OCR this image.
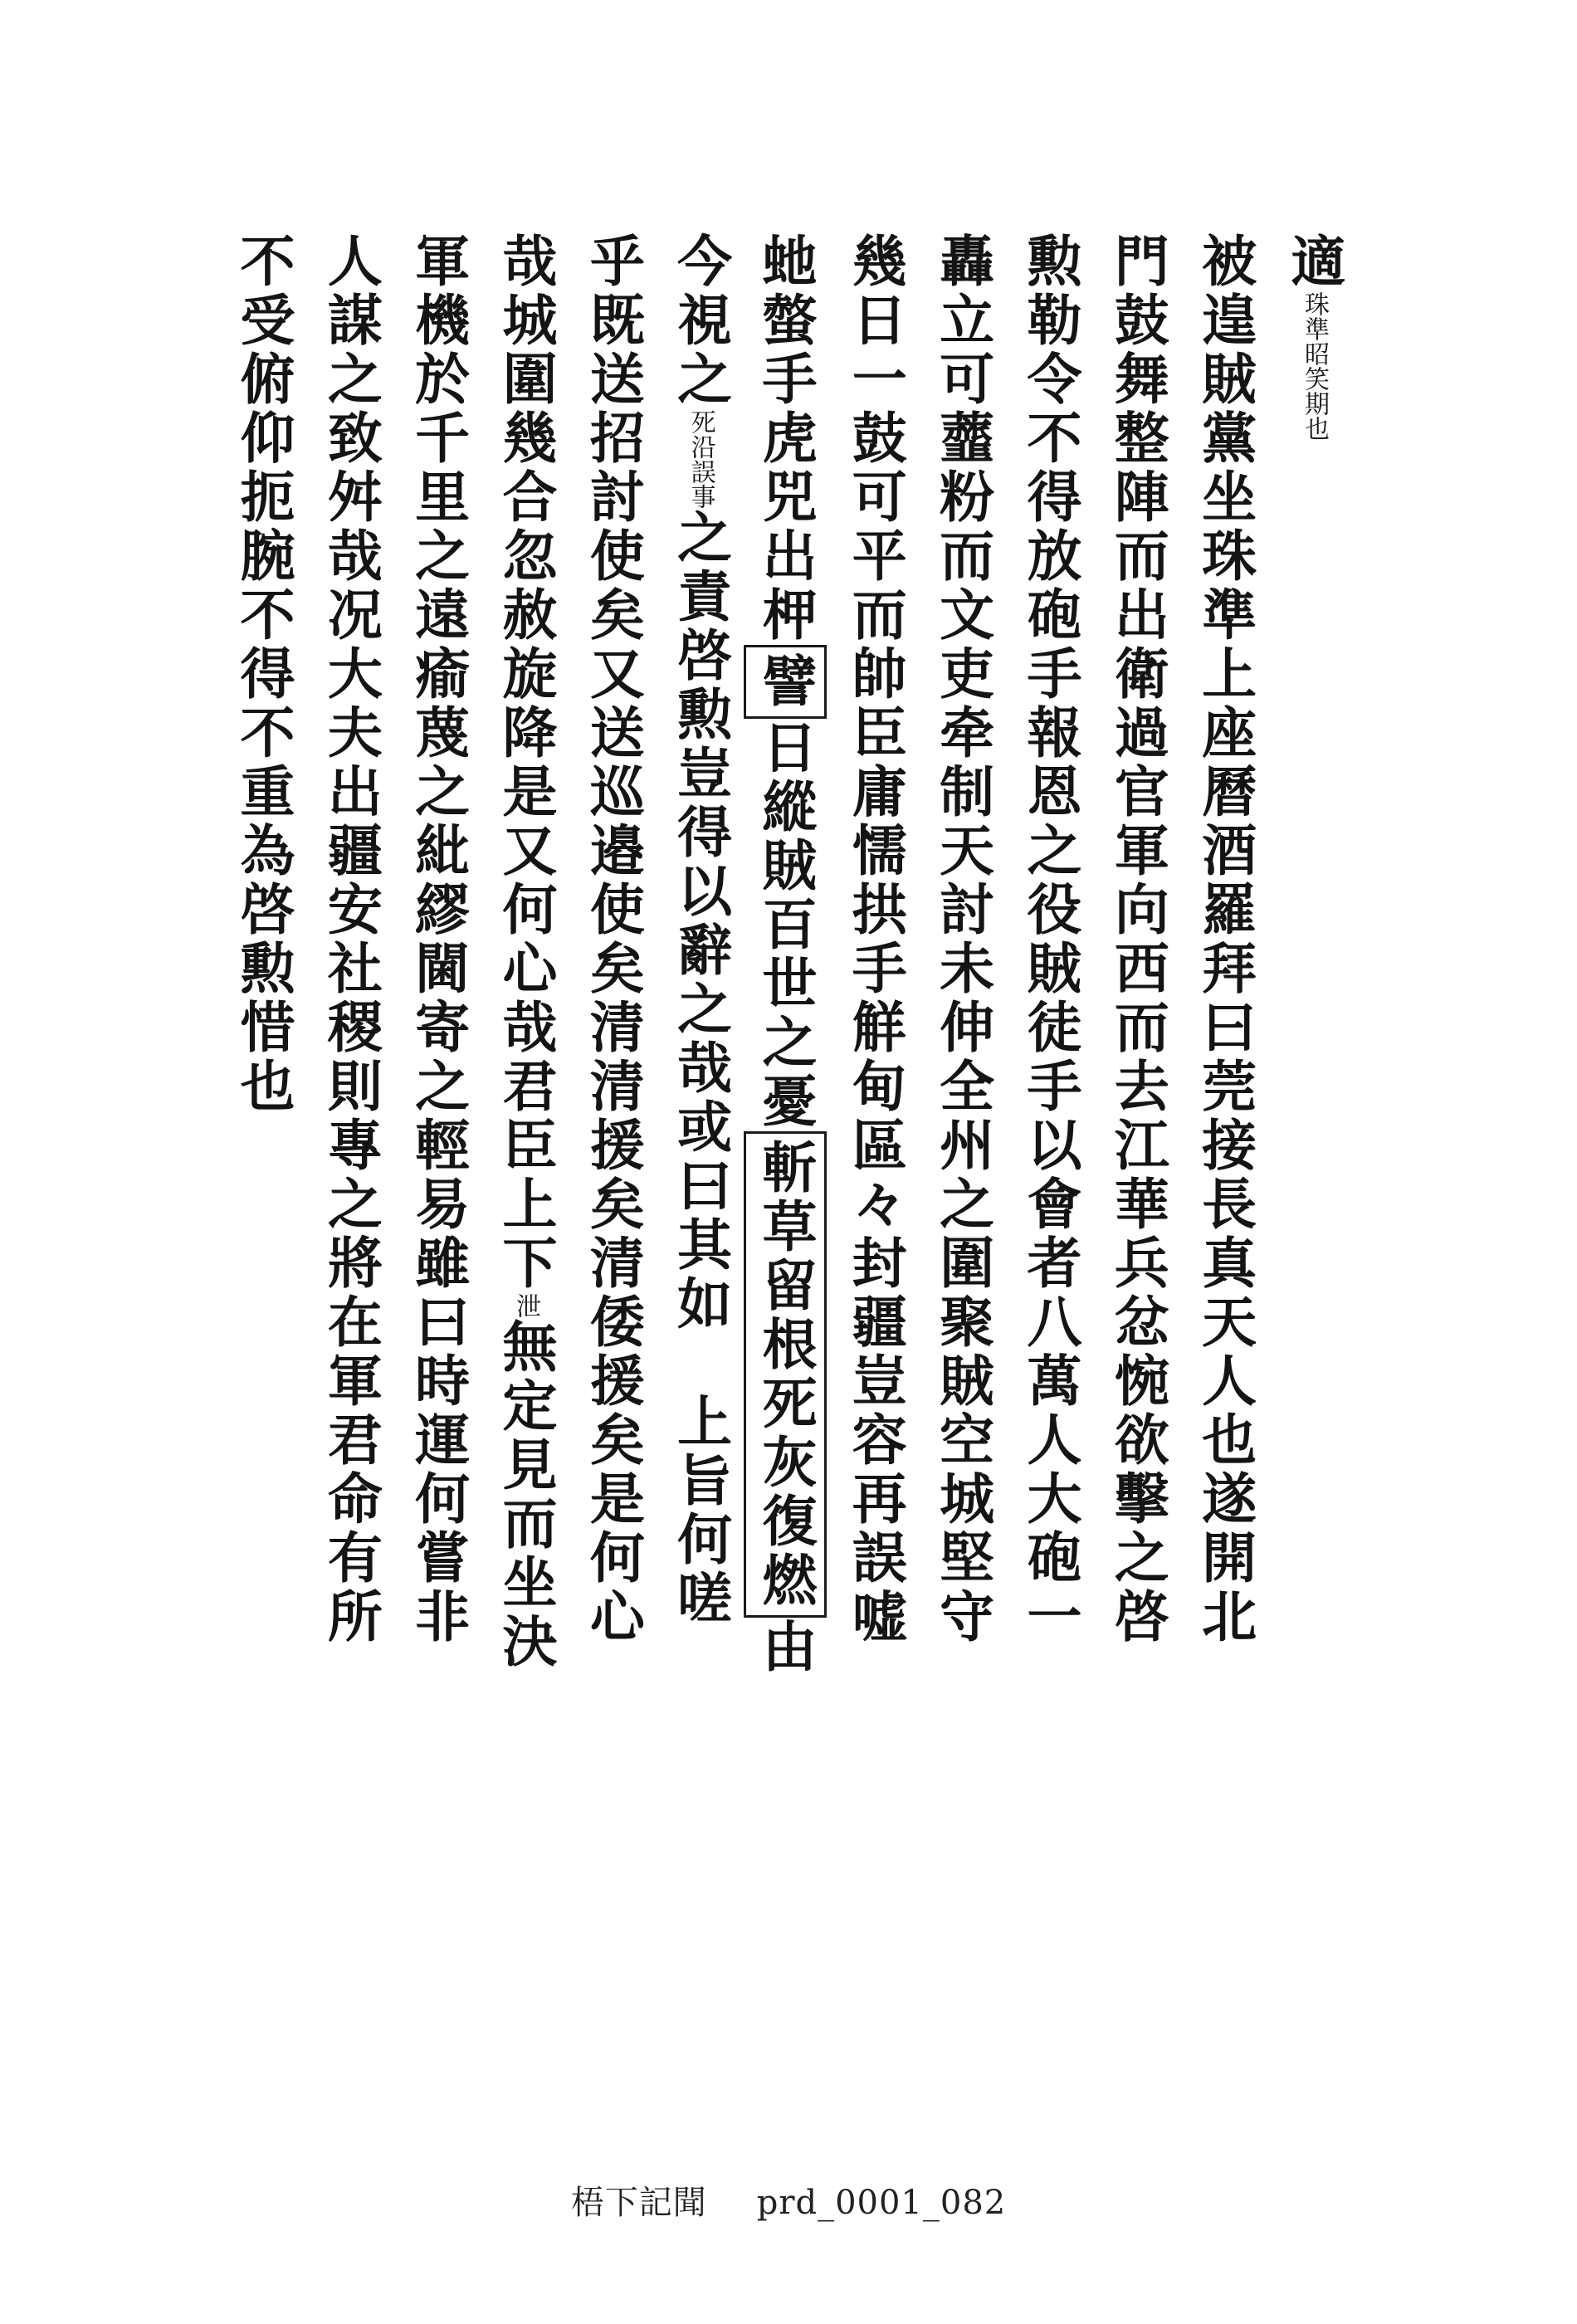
適珠準昭笑期也
被遑賊黨坐珠準上座曆酒羅拜曰莞接長真天人也遂開北
門鼓舞整陣而出衛過官軍向西而去江華兵忿惋欲擊之啓
勲勒令不得放砲手報恩之役賊徒手以會者八萬人大砲一
轟立可虀粉而文吏牵制天討未伸全州之圍聚賊空城堅守
幾日一鼓可平而帥臣庸懦拱手觧甸區々封疆豈容再誤嘘
虵螫手虎兕出柙譬日縱賊百世之憂斬草留根死灰復燃由
今視之死沿誤事之責啓勲豈得以辭之哉或曰其如　上旨何嗟
乎既送招討使矣又送巡邉使矣清清援矣清倭援矣是何心
哉城圍幾合忽赦旋降是又何心哉君臣上下泄無定見而坐決
軍機於千里之遠瘉蔑之紕繆閫寄之輕易雖曰時運何嘗非
人謀之致舛哉况大夫出疆安社稷則專之將在軍君命有所
不受俯仰扼腕不得不重為啓勲惜也
梧下記聞 prd_0001_082
